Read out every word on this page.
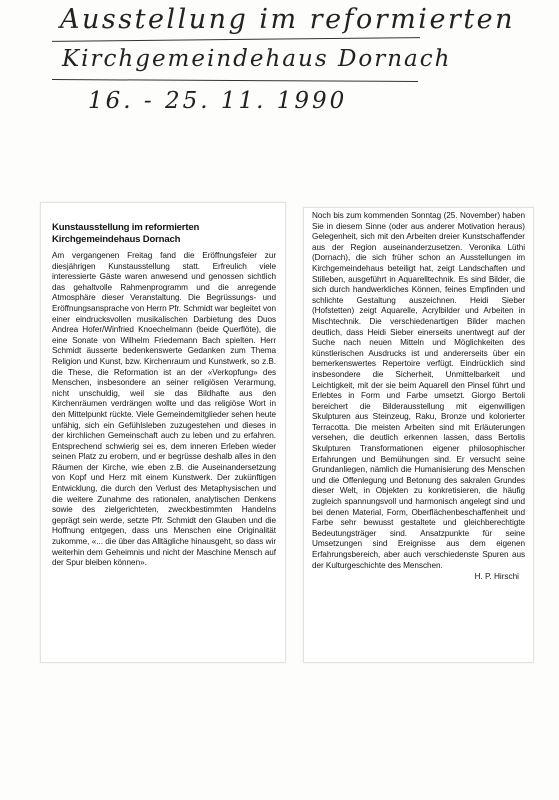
Ausstellung im reformierten
Kirchgemeindehaus Dornach
16. - 25. 11. 1990
Kunstausstellung im reformierten
Kirchgemeindehaus Dornach

Am vergangenen Freitag fand die Eröffnungsfeier zur diesjährigen Kunstausstellung statt. Erfreulich viele interessierte Gäste waren anwesend und genossen sichtlich das gehaltvolle Rahmenprogramm und die anregende Atmosphäre dieser Veranstaltung. Die Begrüssungs- und Eröffnungsansprache von Herrn Pfr. Schmidt war begleitet von einer eindrucksvollen musikalischen Darbietung des Duos Andrea Hofer/Winfried Knoechelmann (beide Querflöte), die eine Sonate von Wilhelm Friedemann Bach spielten. Herr Schmidt äusserte bedenkenswerte Gedanken zum Thema Religion und Kunst, bzw. Kirchenraum und Kunstwerk, so z.B. die These, die Reformation ist an der «Verkopfung» des Menschen, insbesondere an seiner religiösen Verarmung, nicht unschuldig, weil sie das Bildhafte aus den Kirchenräumen verdrängen wollte und das religiöse Wort in den Mittelpunkt rückte. Viele Gemeindemitglieder sehen heute unfähig, sich ein Gefühlsleben zuzugestehen und dieses in der kirchlichen Gemeinschaft auch zu leben und zu erfahren. Entsprechend schwierig sei es, dem inneren Erleben wieder seinen Platz zu erobern, und er begrüsse deshalb alles in den Räumen der Kirche, wie eben z.B. die Auseinandersetzung von Kopf und Herz mit einem Kunstwerk. Der zukünftigen Entwicklung, die durch den Verlust des Metaphysischen und die weitere Zunahme des rationalen, analytischen Denkens sowie des zielgerichteten, zweckbestimmten Handelns geprägt sein werde, setzte Pfr. Schmidt den Glauben und die Hoffnung entgegen, dass uns Menschen eine Originalität zukomme, «... die über das Alltägliche hinausgeht, so dass wir weiterhin dem Geheimnis und nicht der Maschine Mensch auf der Spur bleiben können».

Noch bis zum kommenden Sonntag (25. November) haben Sie in diesem Sinne (oder aus anderer Motivation heraus) Gelegenheit, sich mit den Arbeiten dreier Kunstschaffender aus der Region auseinanderzusetzen. Veronika Lüthi (Dornach), die sich früher schon an Ausstellungen im Kirchgemeindehaus beteiligt hat, zeigt Landschaften und Stilleben, ausgeführt in Aquarelltechnik. Es sind Bilder, die sich durch handwerkliches Können, feines Empfinden und schlichte Gestaltung auszeichnen. Heidi Sieber (Hofstetten) zeigt Aquarelle, Acrylbilder und Arbeiten in Mischtechnik. Die verschiedenartigen Bilder machen deutlich, dass Heidi Sieber einerseits unentwegt auf der Suche nach neuen Mitteln und Möglichkeiten des künstlerischen Ausdrucks ist und andererseits über ein bemerkenswertes Repertoire verfügt. Eindrücklich sind insbesondere die Sicherheit, Unmittelbarkeit und Leichtigkeit, mit der sie beim Aquarell den Pinsel führt und Erlebtes in Form und Farbe umsetzt. Giorgo Bertoli bereichert die Bilderausstellung mit eigenwilligen Skulpturen aus Steinzeug, Raku, Bronze und kolorierter Terracotta. Die meisten Arbeiten sind mit Erläuterungen versehen, die deutlich erkennen lassen, dass Bertolis Skulpturen Transformationen eigener philosophischer Erfahrungen und Bemühungen sind. Er versucht seine Grundanliegen, nämlich die Humanisierung des Menschen und die Offenlegung und Betonung des sakralen Grundes dieser Welt, in Objekten zu konkretisieren, die häufig zugleich spannungsvoll und harmonisch angelegt sind und bei denen Material, Form, Oberflächenbeschaffenheit und Farbe sehr bewusst gestaltete und gleichberechtigte Bedeutungsträger sind. Ansatzpunkte für seine Umsetzungen sind Ereignisse aus dem eigenen Erfahrungsbereich, aber auch verschiedenste Spuren aus der Kulturgeschichte des Menschen.

H. P. Hirschi
